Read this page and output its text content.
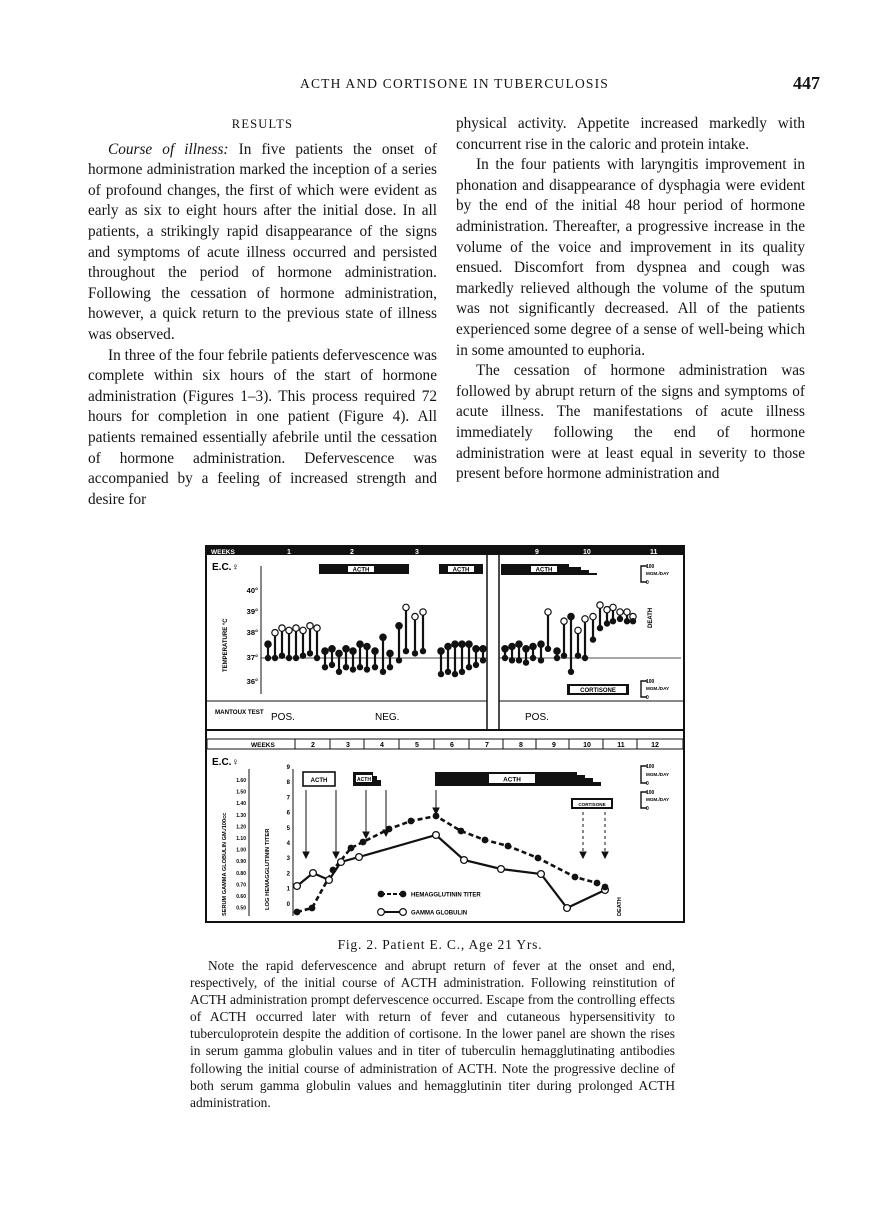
ACTH AND CORTISONE IN TUBERCULOSIS	447

RESULTS

Course of illness: In five patients the onset of hormone administration marked the inception of a series of profound changes, the first of which were evident as early as six to eight hours after the initial dose. In all patients, a strikingly rapid disappearance of the signs and symptoms of acute illness occurred and persisted throughout the period of hormone administration. Following the cessation of hormone administration, however, a quick return to the previous state of illness was observed.

In three of the four febrile patients defervescence was complete within six hours of the start of hormone administration (Figures 1–3). This process required 72 hours for completion in one patient (Figure 4). All patients remained essentially afebrile until the cessation of hormone administration. Defervescence was accompanied by a feeling of increased strength and desire for

physical activity. Appetite increased markedly with concurrent rise in the caloric and protein intake.

In the four patients with laryngitis improvement in phonation and disappearance of dysphagia were evident by the end of the initial 48 hour period of hormone administration. Thereafter, a progressive increase in the volume of the voice and improvement in its quality ensued. Discomfort from dyspnea and cough was markedly relieved although the volume of the sputum was not significantly decreased. All of the patients experienced some degree of a sense of well-being which in some amounted to euphoria.

The cessation of hormone administration was followed by abrupt return of the signs and symptoms of acute illness. The manifestations of acute illness immediately following the end of hormone administration were at least equal in severity to those present before hormone administration and

WEEKS	1	2	3	9	10	11
E.C.♀
40°
39°
38°
37°
36°
TEMPERATURE °C
ACTH	ACTH	ACTH
100
MGM./DAY
0
DEATH
CORTISONE
100
MGM./DAY
0
MANTOUX TEST POS.	NEG.	POS.
WEEKS	2	3	4	5	6	7	8	9	10	11	12
E.C.♀
1.60
1.50
1.40
1.30
1.20
1.10
1.00
0.90
0.80
0.70
0.60
0.50
SERUM GAMMA GLOBULIN GM./100cc
9
8
7
6
5
4
3
2
1
0
LOG HEMAGGLUTININ TITER
ACTH	ACTH	ACTH
CORTISONE
100
MGM./DAY
0
100
MGM./DAY
0
DEATH
HEMAGGLUTININ TITER
GAMMA GLOBULIN
Fig. 2. Patient E. C., Age 21 Yrs.

Note the rapid defervescence and abrupt return of fever at the onset and end, respectively, of the initial course of ACTH administration. Following reinstitution of ACTH administration prompt defervescence occurred. Escape from the controlling effects of ACTH occurred later with return of fever and cutaneous hypersensitivity to tuberculoprotein despite the addition of cortisone. In the lower panel are shown the rises in serum gamma globulin values and in titer of tuberculin hemagglutinating antibodies following the initial course of administration of ACTH. Note the progressive decline of both serum gamma globulin values and hemagglutinin titer during prolonged ACTH administration.
